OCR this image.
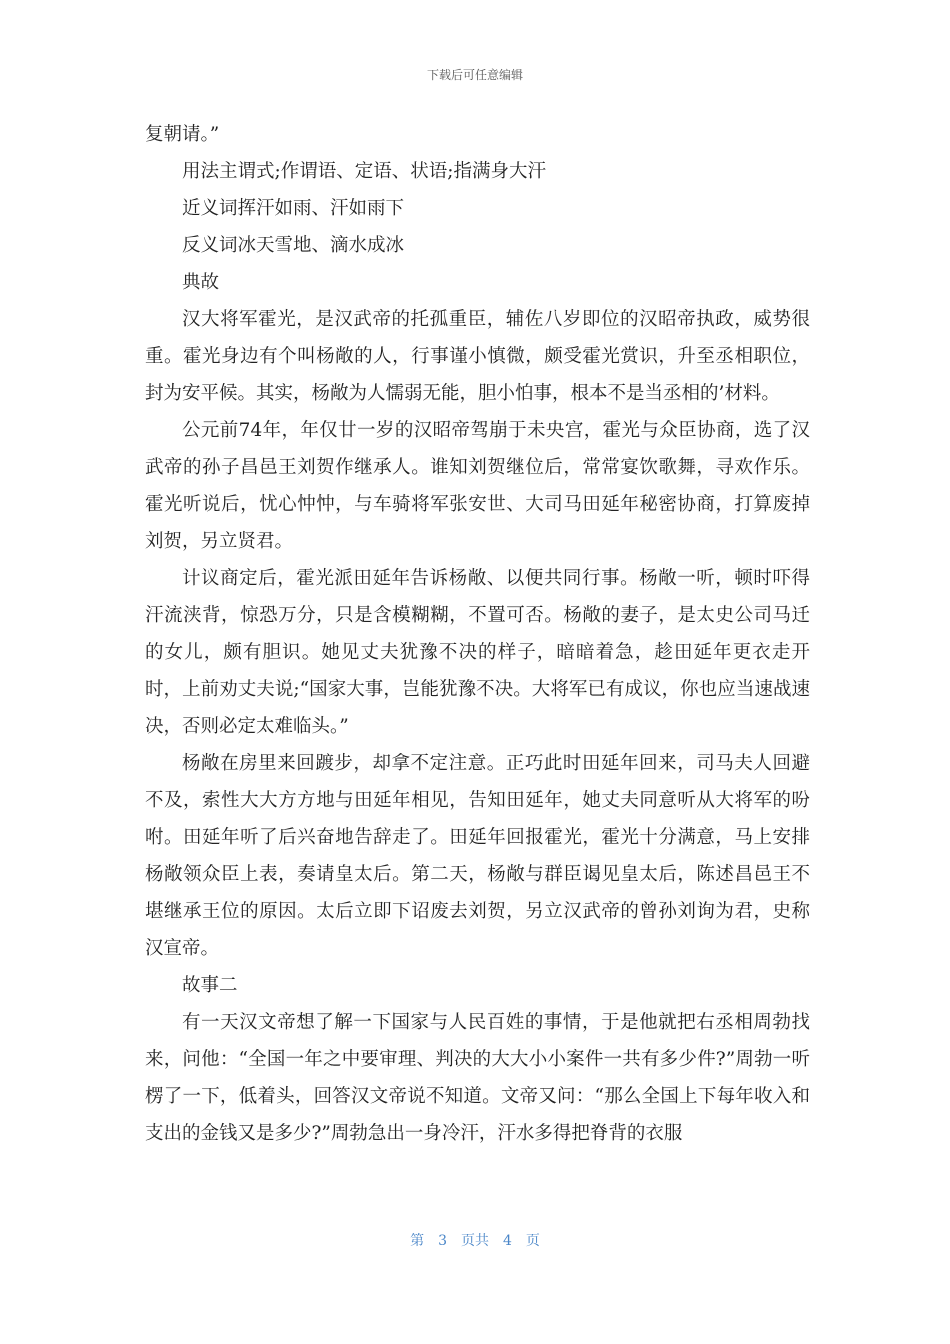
下载后可任意编辑

复朝请。”

用法主谓式;作谓语、定语、状语;指满身大汗

近义词挥汗如雨、汗如雨下

反义词冰天雪地、滴水成冰

典故

汉大将军霍光，是汉武帝的托孤重臣，辅佐八岁即位的汉昭帝执政，威势很重。霍光身边有个叫杨敞的人，行事谨小慎微，颇受霍光赏识，升至丞相职位，封为安平候。其实，杨敞为人懦弱无能，胆小怕事，根本不是当丞相的’材料。

公元前74年，年仅廿一岁的汉昭帝驾崩于未央宫，霍光与众臣协商，选了汉武帝的孙子昌邑王刘贺作继承人。谁知刘贺继位后，常常宴饮歌舞，寻欢作乐。霍光听说后，忧心忡忡，与车骑将军张安世、大司马田延年秘密协商，打算废掉刘贺，另立贤君。

计议商定后，霍光派田延年告诉杨敞、以便共同行事。杨敞一听，顿时吓得汗流浃背，惊恐万分，只是含模糊糊，不置可否。杨敞的妻子，是太史公司马迁的女儿，颇有胆识。她见丈夫犹豫不决的样子，暗暗着急，趁田延年更衣走开时，上前劝丈夫说;“国家大事，岂能犹豫不决。大将军已有成议，你也应当速战速决，否则必定太难临头。”

杨敞在房里来回踱步，却拿不定注意。正巧此时田延年回来，司马夫人回避不及，索性大大方方地与田延年相见，告知田延年，她丈夫同意听从大将军的吩咐。田延年听了后兴奋地告辞走了。田延年回报霍光，霍光十分满意，马上安排杨敞领众臣上表，奏请皇太后。第二天，杨敞与群臣谒见皇太后，陈述昌邑王不堪继承王位的原因。太后立即下诏废去刘贺，另立汉武帝的曾孙刘询为君，史称汉宣帝。

故事二

有一天汉文帝想了解一下国家与人民百姓的事情，于是他就把右丞相周勃找来，问他：“全国一年之中要审理、判决的大大小小案件一共有多少件?”周勃一听楞了一下，低着头，回答汉文帝说不知道。文帝又问：“那么全国上下每年收入和支出的金钱又是多少?”周勃急出一身冷汗，汗水多得把脊背的衣服

第　3　页共　4　页
